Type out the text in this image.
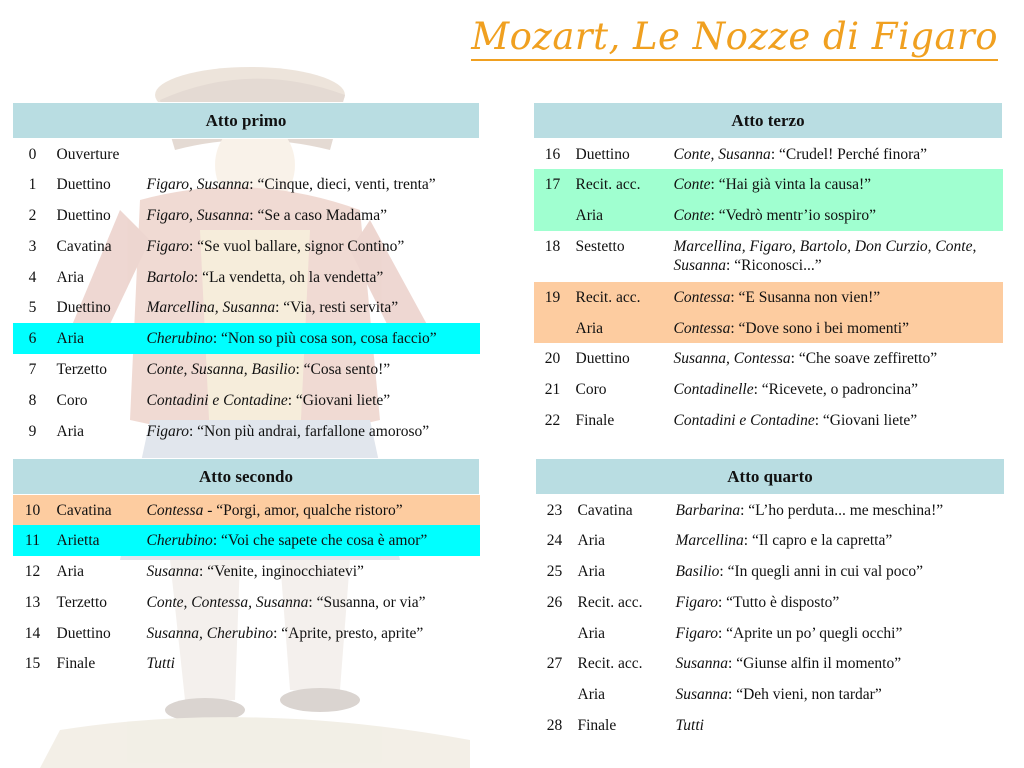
Mozart, Le Nozze di Figaro
Atto primo		
0	Ouverture	
1	Duettino	Figaro, Susanna: “Cinque, dieci, venti, trenta”
2	Duettino	Figaro, Susanna: “Se a caso Madama”
3	Cavatina	Figaro: “Se vuol ballare, signor Contino”
4	Aria	Bartolo: “La vendetta, oh la vendetta”
5	Duettino	Marcellina, Susanna: “Via, resti servita”
6	Aria	Cherubino: “Non so più cosa son, cosa faccio”
7	Terzetto	Conte, Susanna, Basilio: “Cosa sento!”
8	Coro	Contadini e Contadine: “Giovani liete”
9	Aria	Figaro: “Non più andrai, farfallone amoroso”
Atto secondo		
10	Cavatina	Contessa - “Porgi, amor, qualche ristoro”
11	Arietta	Cherubino: “Voi che sapete che cosa è amor”
12	Aria	Susanna: “Venite, inginocchiatevi”
13	Terzetto	Conte, Contessa, Susanna: “Susanna, or via”
14	Duettino	Susanna, Cherubino: “Aprite, presto, aprite”
15	Finale	Tutti
Atto terzo		
16	Duettino	Conte, Susanna: “Crudel! Perché finora”
17	Recit. acc.	Conte: “Hai già vinta la causa!”
	Aria	Conte: “Vedrò mentr’io sospiro”
18	Sestetto	Marcellina, Figaro, Bartolo, Don Curzio, Conte, Susanna: “Riconosci...”
19	Recit. acc.	Contessa: “E Susanna non vien!”
	Aria	Contessa: “Dove sono i bei momenti”
20	Duettino	Susanna, Contessa: “Che soave zeffiretto”
21	Coro	Contadinelle: “Ricevete, o padroncina”
22	Finale	Contadini e Contadine: “Giovani liete”
Atto quarto		
23	Cavatina	Barbarina: “L’ho perduta... me meschina!”
24	Aria	Marcellina: “Il capro e la capretta”
25	Aria	Basilio: “In quegli anni in cui val poco”
26	Recit. acc.	Figaro: “Tutto è disposto”
	Aria	Figaro: “Aprite un po’ quegli occhi”
27	Recit. acc.	Susanna: “Giunse alfin il momento”
	Aria	Susanna: “Deh vieni, non tardar”
28	Finale	Tutti
